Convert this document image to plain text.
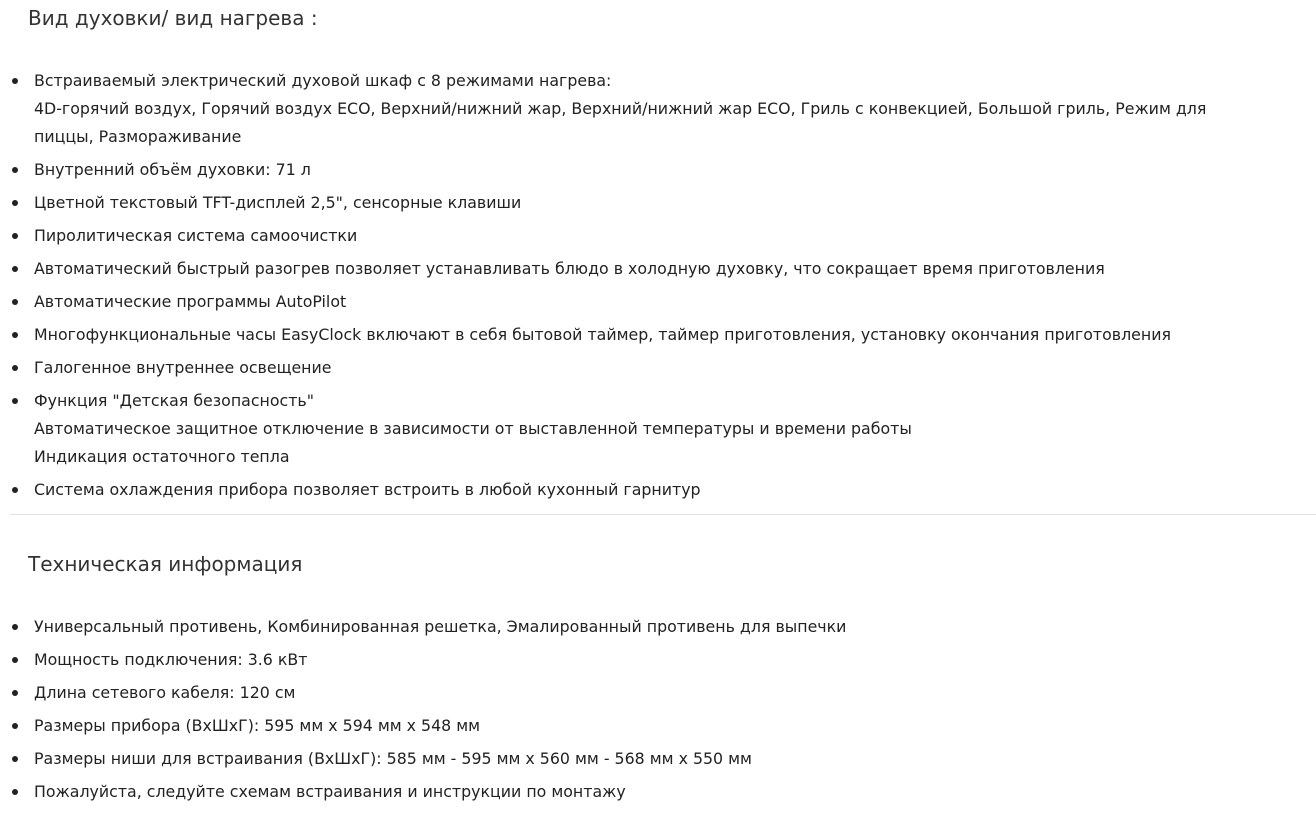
Вид духовки/ вид нагрева :
Встраиваемый электрический духовой шкаф с 8 режимами нагрева:
4D-горячий воздух, Горячий воздух ECO, Верхний/нижний жар, Верхний/нижний жар ECO, Гриль с конвекцией, Большой гриль, Режим для
пиццы, Размораживание
Внутренний объём духовки: 71 л
Цветной текстовый TFT-дисплей 2,5", сенсорные клавиши
Пиролитическая система самоочистки
Автоматический быстрый разогрев позволяет устанавливать блюдо в холодную духовку, что сокращает время приготовления
Автоматические программы AutoPilot
Многофункциональные часы EasyClock включают в себя бытовой таймер, таймер приготовления, установку окончания приготовления
Галогенное внутреннее освещение
Функция "Детская безопасность"
Автоматическое защитное отключение в зависимости от выставленной температуры и времени работы
Индикация остаточного тепла
Система охлаждения прибора позволяет встроить в любой кухонный гарнитур
Техническая информация
Универсальный противень, Комбинированная решетка, Эмалированный противень для выпечки
Мощность подключения: 3.6 кВт
Длина сетевого кабеля: 120 см
Размеры прибора (ВхШхГ): 595 мм x 594 мм x 548 мм
Размеры ниши для встраивания (ВхШхГ): 585 мм - 595 мм x 560 мм - 568 мм x 550 мм
Пожалуйста, следуйте схемам встраивания и инструкции по монтажу
